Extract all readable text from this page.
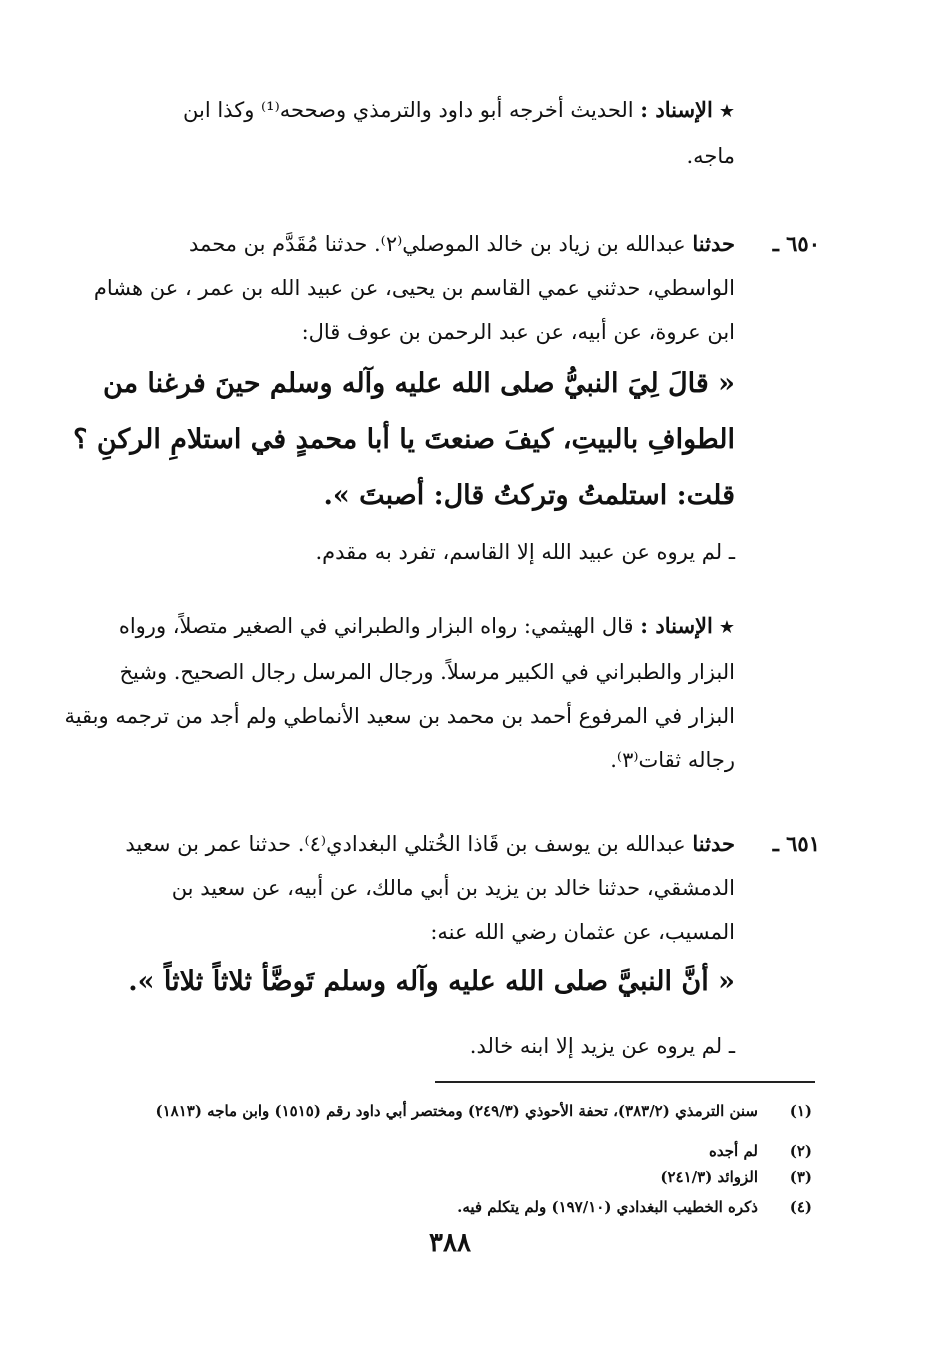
★الإسناد : الحديث أخرجه أبو داود والترمذي وصححه⁽¹⁾ وكذا ابن
ماجه.
٦٥٠ ـ
حدثنا عبدالله بن زياد بن خالد الموصلي⁽٢⁾. حدثنا مُقَدَّم بن محمد
الواسطي، حدثني عمي القاسم بن يحيى، عن عبيد الله بن عمر ، عن هشام
ابن عروة، عن أبيه، عن عبد الرحمن بن عوف قال:
« قالَ لِيَ النبيُّ صلى الله عليه وآله وسلم حينَ فرغنا من
الطوافِ بالبيتِ، كيفَ صنعتَ يا أبا محمدٍ في استلامِ الركنِ ؟
قلت: استلمتُ وتركتُ قال: أصبتَ ».
ـ لم يروه عن عبيد الله إلا القاسم، تفرد به مقدم.
★الإسناد : قال الهيثمي: رواه البزار والطبراني في الصغير متصلاً، ورواه
البزار والطبراني في الكبير مرسلاً. ورجال المرسل رجال الصحيح. وشيخ
البزار في المرفوع أحمد بن محمد بن سعيد الأنماطي ولم أجد من ترجمه وبقية
رجاله ثقات⁽٣⁾.
٦٥١ ـ
حدثنا عبدالله بن يوسف بن قَاذا الخُتلي البغدادي⁽٤⁾. حدثنا عمر بن سعيد
الدمشقي، حدثنا خالد بن يزيد بن أبي مالك، عن أبيه، عن سعيد بن
المسيب، عن عثمان رضي الله عنه:
« أنَّ النبيَّ صلى الله عليه وآله وسلم تَوضَّأ ثلاثاً ثلاثاً ».
ـ لم يروه عن يزيد إلا ابنه خالد.
(١)سنن الترمذي (٣٨٣/٢)، تحفة الأحوذي (٢٤٩/٣) ومختصر أبي داود رقم (١٥١٥) وابن ماجه (١٨١٣)
(٢)لم أجده
(٣)الزوائد (٢٤١/٣)
(٤)ذكره الخطيب البغدادي (١٩٧/١٠) ولم يتكلم فيه.
٣٨٨
